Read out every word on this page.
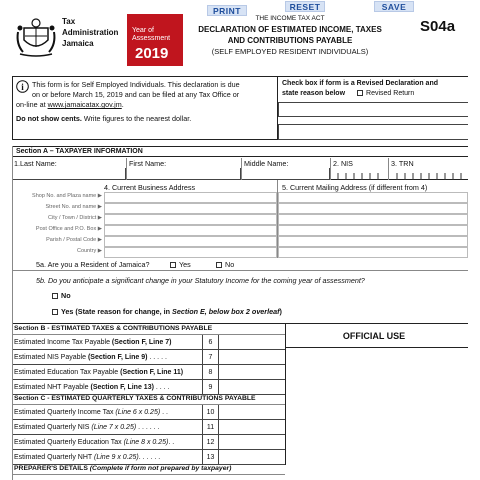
PRINT	RESET	SAVE
Tax
Administration
Jamaica
Year of
Assessment
2019
THE INCOME TAX ACT
DECLARATION OF ESTIMATED INCOME, TAXES
AND CONTRIBUTIONS PAYABLE
(SELF EMPLOYED RESIDENT INDIVIDUALS)
S04a
i This form is for Self Employed Individuals. This declaration is due
on or before March 15, 2019 and can be filed at any Tax Office or
on-line at www.jamaicatax.gov.jm.
Do not show cents. Write figures to the nearest dollar.
Check box if form is a Revised Declaration and
state reason below	Revised Return
Section A – TAXPAYER INFORMATION
1.Last Name:	First Name:	Middle Name:	2. NIS	3. TRN
4. Current Business Address	5. Current Mailing Address (if different from 4)
Shop No. and Plaza name ▶
Street No. and name ▶
City / Town / District ▶
Post Office and P.O. Box ▶
Parish / Postal Code ▶
Country ▶
5a. Are you a Resident of Jamaica?	Yes	No
5b. Do you anticipate a significant change in your Statutory Income for the coming year of assessment?
No
Yes (State reason for change, in Section E, below box 2 overleaf)
Section B - ESTIMATED TAXES & CONTRIBUTIONS PAYABLE
OFFICIAL USE
Estimated Income Tax Payable (Section F, Line 7)	6
Estimated NIS Payable (Section F, Line 9) . . . . .	7
Estimated Education Tax Payable (Section F, Line 11)	8
Estimated NHT Payable (Section F, Line 13) . . . .	9
Section C - ESTIMATED QUARTERLY TAXES & CONTRIBUTIONS PAYABLE
Estimated Quarterly Income Tax (Line 6 x 0.25) . .	10
Estimated Quarterly NIS (Line 7 x 0.25) . . . . . .	11
Estimated Quarterly Education Tax (Line 8 x 0.25). .	12
Estimated Quarterly NHT (Line 9 x 0.25). . . . . .	13
PREPARER'S DETAILS (Complete if form not prepared by taxpayer)
